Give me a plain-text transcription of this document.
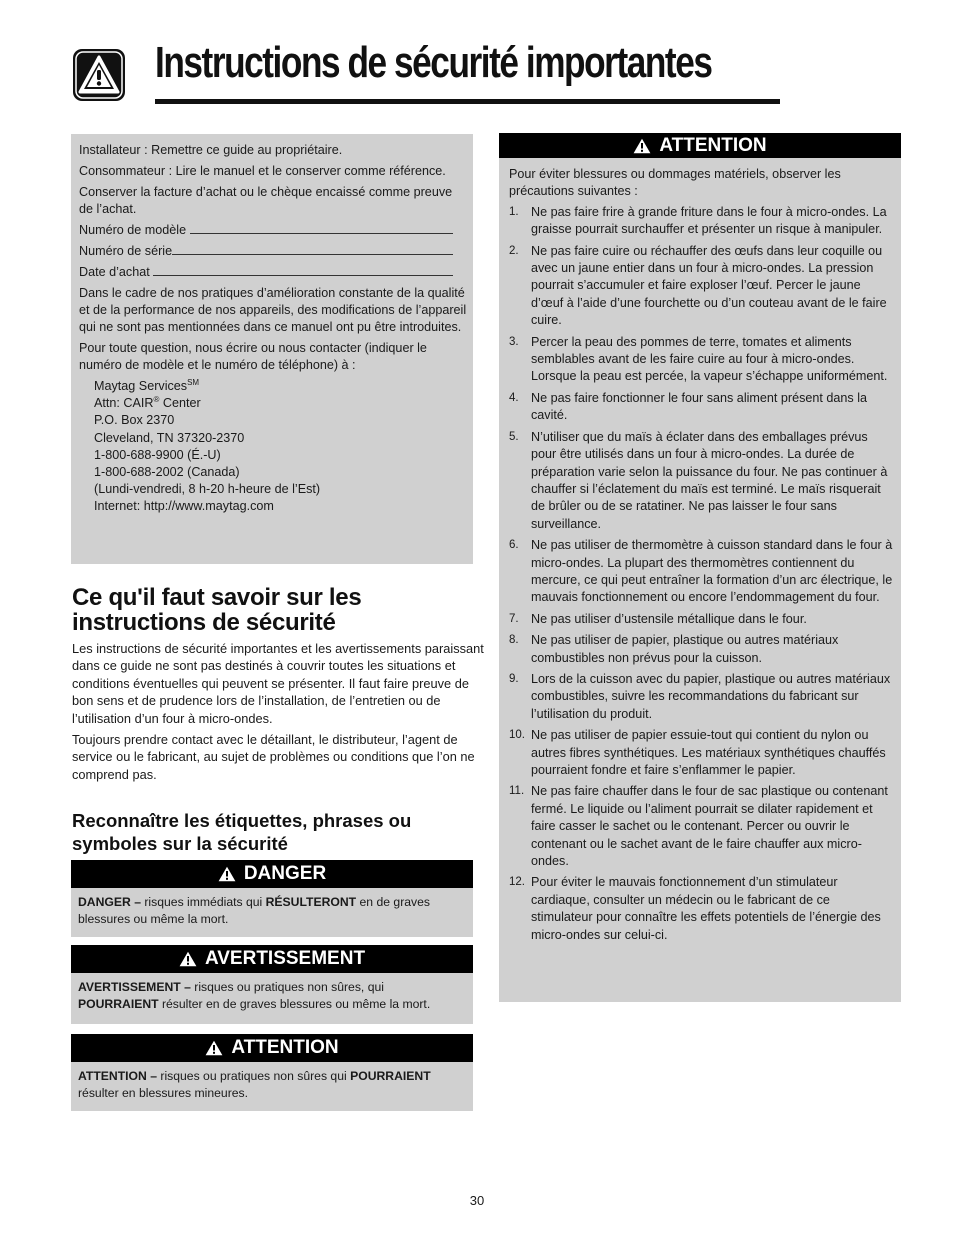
Instructions de sécurité importantes

Installateur : Remettre ce guide au propriétaire.

Consommateur : Lire le manuel et le conserver comme référence.

Conserver la facture d’achat ou le chèque encaissé comme preuve de l’achat.

Numéro de modèle

Numéro de série

Date d’achat

Dans le cadre de nos pratiques d’amélioration constante de la qualité et de la performance de nos appareils, des modifications de l’appareil qui ne sont pas mentionnées dans ce manuel ont pu être introduites.

Pour toute question, nous écrire ou nous contacter (indiquer le numéro de modèle et le numéro de téléphone) à :

Maytag Services℠
Attn: CAIR® Center
P.O. Box 2370
Cleveland, TN 37320-2370
1-800-688-9900 (É.-U)
1-800-688-2002 (Canada)
(Lundi-vendredi, 8 h-20 h-heure de l’Est)
Internet: http://www.maytag.com
Ce qu'il faut savoir sur les instructions de sécurité

Les instructions de sécurité importantes et les avertissements paraissant dans ce guide ne sont pas destinés à couvrir toutes les situations et conditions éventuelles qui peuvent se présenter. Il faut faire preuve de bon sens et de prudence lors de l’installation, de l’entretien ou de l’utilisation d’un four à micro-ondes.

Toujours prendre contact avec le détaillant, le distributeur, l’agent de service ou le fabricant, au sujet de problèmes ou conditions que l’on ne comprend pas.

Reconnaître les étiquettes, phrases ou symboles sur la sécurité
DANGER
DANGER – risques immédiats qui RÉSULTERONT en de graves blessures ou même la mort.
AVERTISSEMENT
AVERTISSEMENT – risques ou pratiques non sûres, qui POURRAIENT résulter en de graves blessures ou même la mort.
ATTENTION
ATTENTION – risques ou pratiques non sûres qui POURRAIENT résulter en blessures mineures.
ATTENTION

Pour éviter blessures ou dommages matériels, observer les précautions suivantes :

1. Ne pas faire frire à grande friture dans le four à micro-ondes. La graisse pourrait surchauffer et présenter un risque à manipuler.
2. Ne pas faire cuire ou réchauffer des œufs dans leur coquille ou avec un jaune entier dans un four à micro-ondes. La pression pourrait s’accumuler et faire exploser l’œuf. Percer le jaune d’œuf à l’aide d’une fourchette ou d’un couteau avant de le faire cuire.
3. Percer la peau des pommes de terre, tomates et aliments semblables avant de les faire cuire au four à micro-ondes. Lorsque la peau est percée, la vapeur s’échappe uniformément.
4. Ne pas faire fonctionner le four sans aliment présent dans la cavité.
5. N’utiliser que du maïs à éclater dans des emballages prévus pour être utilisés dans un four à micro-ondes. La durée de préparation varie selon la puissance du four. Ne pas continuer à chauffer si l’éclatement du maïs est terminé. Le maïs risquerait de brûler ou de se ratatiner. Ne pas laisser le four sans surveillance.
6. Ne pas utiliser de thermomètre à cuisson standard dans le four à micro-ondes. La plupart des thermomètres contiennent du mercure, ce qui peut entraîner la formation d’un arc électrique, le mauvais fonctionnement ou encore l’endommagement du four.
7. Ne pas utiliser d’ustensile métallique dans le four.
8. Ne pas utiliser de papier, plastique ou autres matériaux combustibles non prévus pour la cuisson.
9. Lors de la cuisson avec du papier, plastique ou autres matériaux combustibles, suivre les recommandations du fabricant sur l’utilisation du produit.
10. Ne pas utiliser de papier essuie-tout qui contient du nylon ou autres fibres synthétiques. Les matériaux synthétiques chauffés pourraient fondre et faire s’enflammer le papier.
11. Ne pas faire chauffer dans le four de sac plastique ou contenant fermé. Le liquide ou l’aliment pourrait se dilater rapidement et faire casser le sachet ou le contenant. Percer ou ouvrir le contenant ou le sachet avant de le faire chauffer aux micro-ondes.
12. Pour éviter le mauvais fonctionnement d’un stimulateur cardiaque, consulter un médecin ou le fabricant de ce stimulateur pour connaître les effets potentiels de l’énergie des micro-ondes sur celui-ci.
30
